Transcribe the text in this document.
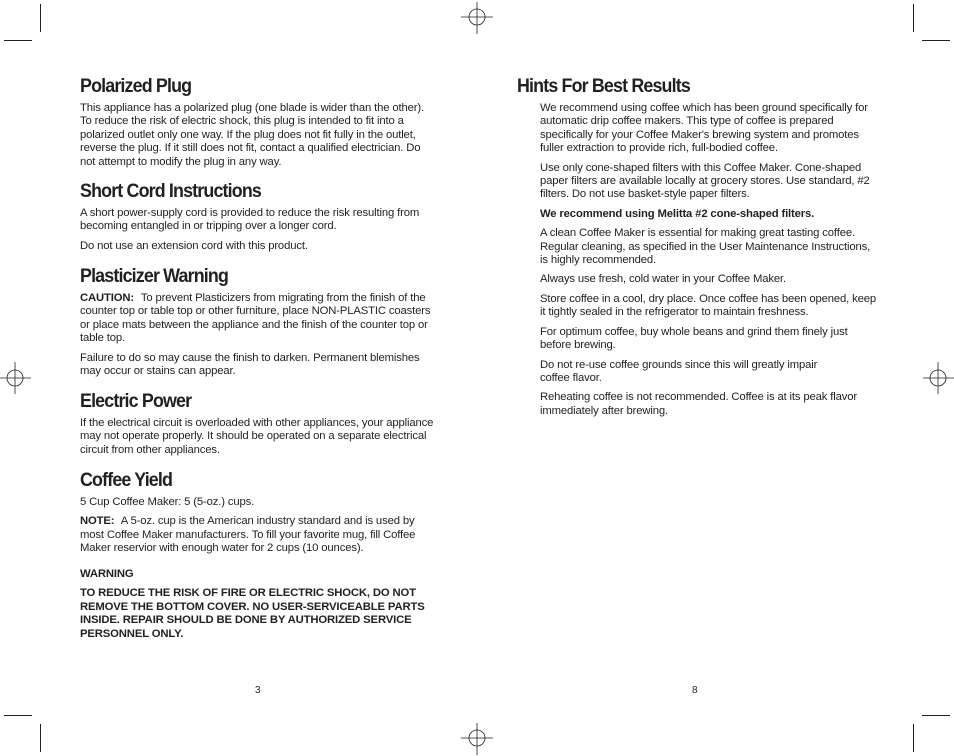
Polarized Plug

This appliance has a polarized plug (one blade is wider than the other). To reduce the risk of electric shock, this plug is intended to fit into a polarized outlet only one way. If the plug does not fit fully in the outlet, reverse the plug. If it still does not fit, contact a qualified electrician. Do not attempt to modify the plug in any way.

Short Cord Instructions

A short power-supply cord is provided to reduce the risk resulting from becoming entangled in or tripping over a longer cord.

Do not use an extension cord with this product.

Plasticizer Warning

CAUTION: To prevent Plasticizers from migrating from the finish of the counter top or table top or other furniture, place NON-PLASTIC coasters or place mats between the appliance and the finish of the counter top or table top.

Failure to do so may cause the finish to darken. Permanent blemishes may occur or stains can appear.

Electric Power

If the electrical circuit is overloaded with other appliances, your appliance may not operate properly. It should be operated on a separate electrical circuit from other appliances.

Coffee Yield

5 Cup Coffee Maker: 5 (5-oz.) cups.

NOTE: A 5-oz. cup is the American industry standard and is used by most Coffee Maker manufacturers. To fill your favorite mug, fill Coffee Maker reservior with enough water for 2 cups (10 ounces).

WARNING

TO REDUCE THE RISK OF FIRE OR ELECTRIC SHOCK, DO NOT REMOVE THE BOTTOM COVER. NO USER-SERVICEABLE PARTS INSIDE. REPAIR SHOULD BE DONE BY AUTHORIZED SERVICE PERSONNEL ONLY.

3
Hints For Best Results

We recommend using coffee which has been ground specifically for automatic drip coffee makers. This type of coffee is prepared specifically for your Coffee Maker's brewing system and promotes fuller extraction to provide rich, full-bodied coffee.

Use only cone-shaped filters with this Coffee Maker. Cone-shaped paper filters are available locally at grocery stores. Use standard, #2 filters. Do not use basket-style paper filters.

We recommend using Melitta #2 cone-shaped filters.

A clean Coffee Maker is essential for making great tasting coffee. Regular cleaning, as specified in the User Maintenance Instructions, is highly recommended.

Always use fresh, cold water in your Coffee Maker.

Store coffee in a cool, dry place. Once coffee has been opened, keep it tightly sealed in the refrigerator to maintain freshness.

For optimum coffee, buy whole beans and grind them finely just before brewing.

Do not re-use coffee grounds since this will greatly impair coffee flavor.

Reheating coffee is not recommended. Coffee is at its peak flavor immediately after brewing.

8
